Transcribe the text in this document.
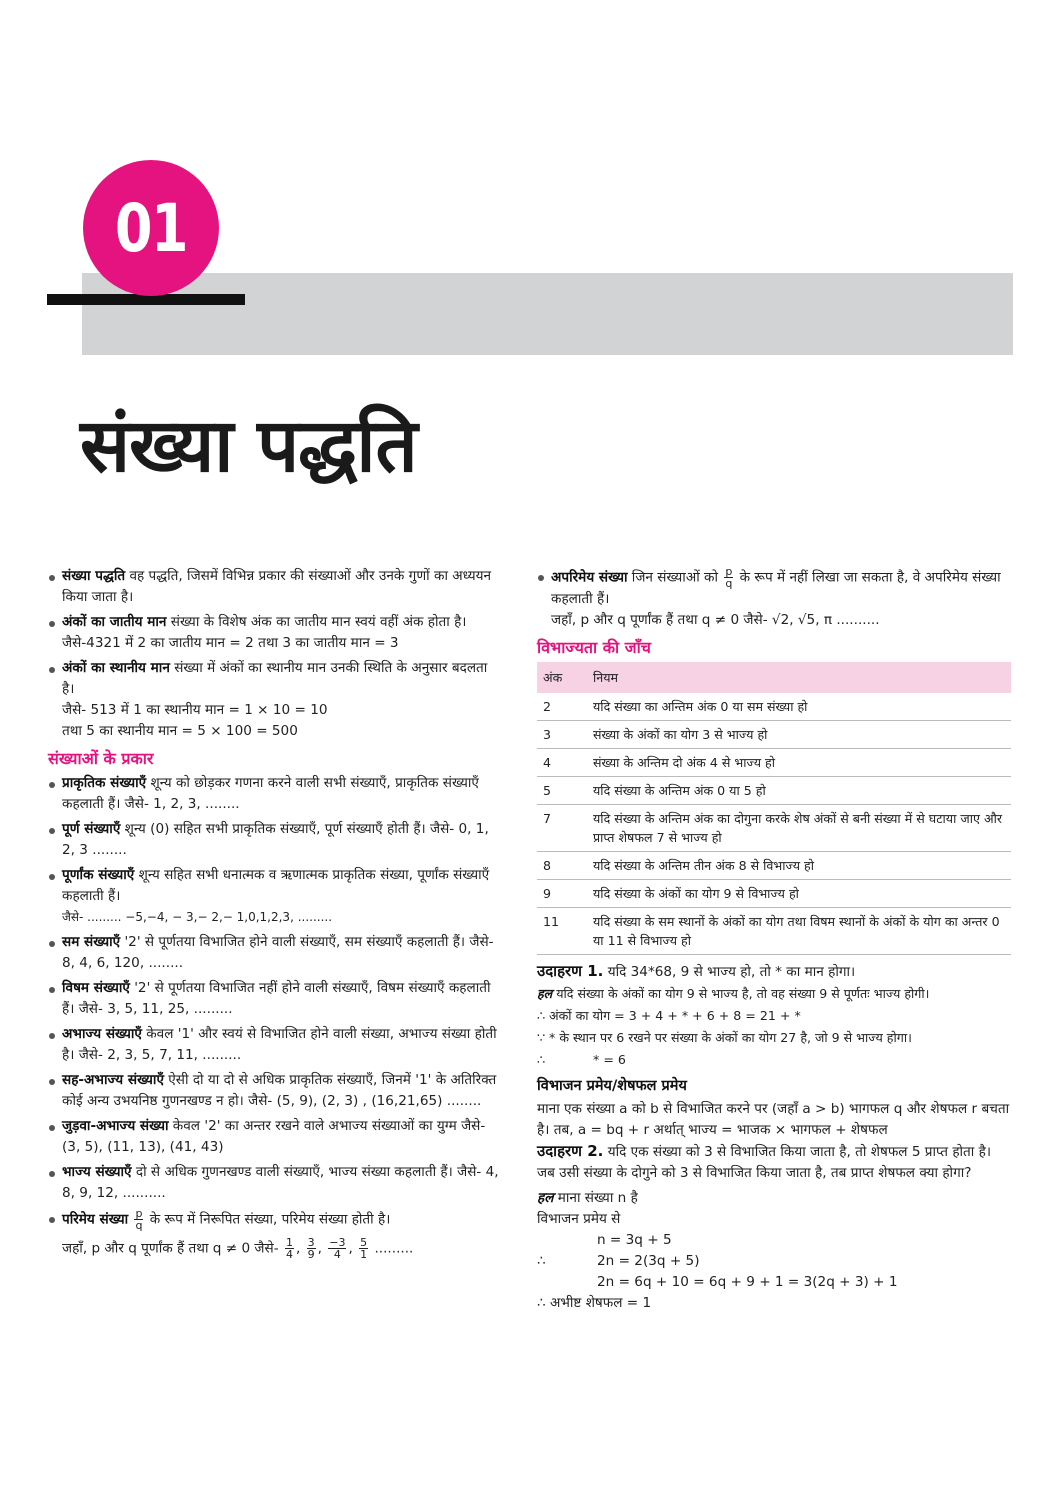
01
संख्या पद्धति
संख्या पद्धति वह पद्धति, जिसमें विभिन्न प्रकार की संख्याओं और उनके गुणों का अध्ययन किया जाता है।
अंकों का जातीय मान संख्या के विशेष अंक का जातीय मान स्वयं वहीं अंक होता है।
जैसे-4321 में 2 का जातीय मान = 2 तथा 3 का जातीय मान = 3
अंकों का स्थानीय मान संख्या में अंकों का स्थानीय मान उनकी स्थिति के अनुसार बदलता है।
जैसे- 513 में 1 का स्थानीय मान = 1 × 10 = 10
तथा 5 का स्थानीय मान = 5 × 100 = 500
संख्याओं के प्रकार
प्राकृतिक संख्याएँ शून्य को छोड़कर गणना करने वाली सभी संख्याएँ, प्राकृतिक संख्याएँ कहलाती हैं। जैसे- 1, 2, 3, ........
पूर्ण संख्याएँ शून्य (0) सहित सभी प्राकृतिक संख्याएँ, पूर्ण संख्याएँ होती हैं। जैसे- 0, 1, 2, 3 ........
पूर्णांक संख्याएँ शून्य सहित सभी धनात्मक व ऋणात्मक प्राकृतिक संख्या, पूर्णांक संख्याएँ कहलाती हैं।
जैसे- ......... −5,−4, − 3,− 2,− 1,0,1,2,3, .........
सम संख्याएँ '2' से पूर्णतया विभाजित होने वाली संख्याएँ, सम संख्याएँ कहलाती हैं। जैसे- 8, 4, 6, 120, ........
विषम संख्याएँ '2' से पूर्णतया विभाजित नहीं होने वाली संख्याएँ, विषम संख्याएँ कहलाती हैं। जैसे- 3, 5, 11, 25, .........
अभाज्य संख्याएँ केवल '1' और स्वयं से विभाजित होने वाली संख्या, अभाज्य संख्या होती है। जैसे- 2, 3, 5, 7, 11, .........
सह-अभाज्य संख्याएँ ऐसी दो या दो से अधिक प्राकृतिक संख्याएँ, जिनमें '1' के अतिरिक्त कोई अन्य उभयनिष्ठ गुणनखण्ड न हो। जैसे- (5, 9), (2, 3) , (16,21,65) ........
जुड़वा-अभाज्य संख्या केवल '2' का अन्तर रखने वाले अभाज्य संख्याओं का युग्म जैसे- (3, 5), (11, 13), (41, 43)
भाज्य संख्याएँ दो से अधिक गुणनखण्ड वाली संख्याएँ, भाज्य संख्या कहलाती हैं। जैसे- 4, 8, 9, 12, ..........
परिमेय संख्या $\frac{p}{q}$ के रूप में निरूपित संख्या, परिमेय संख्या होती है।
जहाँ, p और q पूर्णांक हैं तथा q ≠ 0 जैसे- $\frac{1}{4}$ , $\frac{3}{9}$ , $\frac{-3}{4}$ , $\frac{5}{1}$ .........
अपरिमेय संख्या जिन संख्याओं को $\frac{p}{q}$ के रूप में नहीं लिखा जा सकता है, वे अपरिमेय संख्या कहलाती हैं।
जहाँ, p और q पूर्णांक हैं तथा q ≠ 0 जैसे- √2, √5, π ..........
विभाज्यता की जाँच
अंक	नियम
2	यदि संख्या का अन्तिम अंक 0 या सम संख्या हो
3	संख्या के अंकों का योग 3 से भाज्य हो
4	संख्या के अन्तिम दो अंक 4 से भाज्य हो
5	यदि संख्या के अन्तिम अंक 0 या 5 हो
7	यदि संख्या के अन्तिम अंक का दोगुना करके शेष अंकों से बनी संख्या में से घटाया जाए और प्राप्त शेषफल 7 से भाज्य हो
8	यदि संख्या के अन्तिम तीन अंक 8 से विभाज्य हो
9	यदि संख्या के अंकों का योग 9 से विभाज्य हो
11	यदि संख्या के सम स्थानों के अंकों का योग तथा विषम स्थानों के अंकों के योग का अन्तर 0 या 11 से विभाज्य हो
उदाहरण 1. यदि 34*68, 9 से भाज्य हो, तो * का मान होगा।
हल यदि संख्या के अंकों का योग 9 से भाज्य है, तो वह संख्या 9 से पूर्णतः भाज्य होगी।
∴ अंकों का योग = 3 + 4 + * + 6 + 8 = 21 + *
∵ * के स्थान पर 6 रखने पर संख्या के अंकों का योग 27 है, जो 9 से भाज्य होगा।
∴            * = 6
विभाजन प्रमेय/शेषफल प्रमेय
माना एक संख्या a को b से विभाजित करने पर (जहाँ a > b) भागफल q और शेषफल r बचता है। तब, a = bq + r अर्थात् भाज्य = भाजक × भागफल + शेषफल
उदाहरण 2. यदि एक संख्या को 3 से विभाजित किया जाता है, तो शेषफल 5 प्राप्त होता है। जब उसी संख्या के दोगुने को 3 से विभाजित किया जाता है, तब प्राप्त शेषफल क्या होगा?
हल माना संख्या n है
विभाजन प्रमेय से
n = 3q + 5
∴	2n = 2(3q + 5)
2n = 6q + 10 = 6q + 9 + 1 = 3(2q + 3) + 1
∴ अभीष्ट शेषफल = 1
